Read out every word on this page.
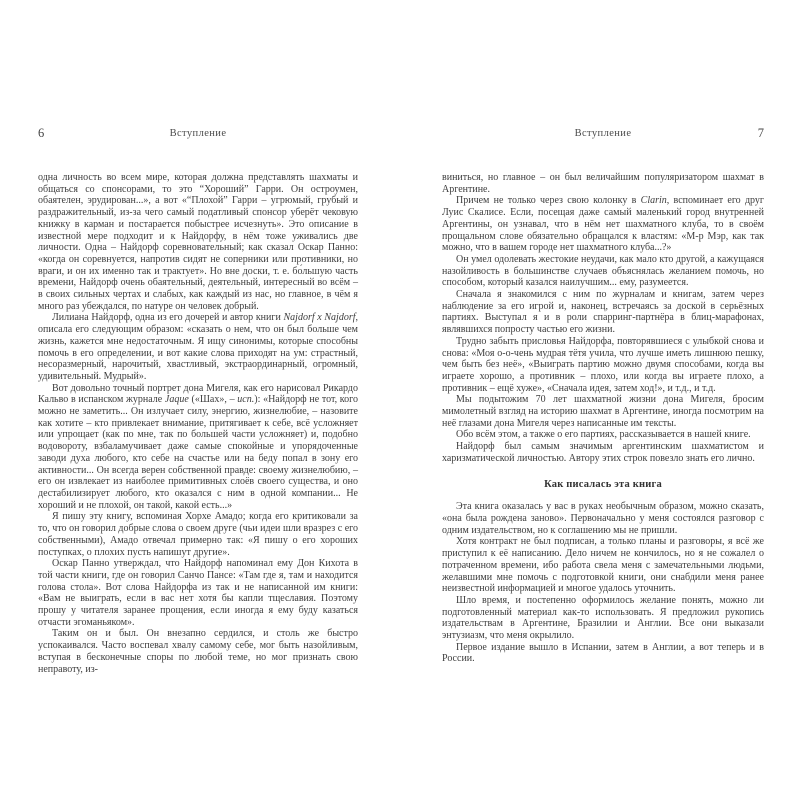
6	Вступление

одна личность во всем мире, которая должна представлять шахматы и общаться со спонсорами, то это “Хороший” Гарри. Он остроумен, обаятелен, эрудирован...», а вот «“Плохой” Гарри – угрюмый, грубый и раздражительный, из-за чего самый податливый спонсор уберёт чековую книжку в карман и постарается побыстрее исчезнуть». Это описание в известной мере подходит и к Найдорфу, в нём тоже уживались две личности. Одна – Найдорф соревновательный; как сказал Оскар Панно: «когда он соревнуется, напротив сидят не соперники или противники, но враги, и он их именно так и трактует». Но вне доски, т. е. бо́льшую часть времени, Найдорф очень обаятельный, деятельный, интересный во всём – в своих сильных чертах и слабых, как каждый из нас, но главное, в чём я много раз убеждался, по натуре он человек добрый.

Лилиана Найдорф, одна из его дочерей и автор книги Najdorf x Najdorf, описала его следующим образом: «сказать о нем, что он был больше чем жизнь, кажется мне недостаточным. Я ищу синонимы, которые способны помочь в его определении, и вот какие слова приходят на ум: страстный, несоразмерный, нарочитый, хвастливый, экстраординарный, огромный, удивительный. Мудрый».

Вот довольно точный портрет дона Мигеля, как его нарисовал Рикардо Кальво в испанском журнале Jaque («Шах», – исп.): «Найдорф не тот, кого можно не заметить... Он излучает силу, энергию, жизнелюбие, – назовите как хотите – кто привлекает внимание, притягивает к себе, всё усложняет или упрощает (как по мне, так по большей части усложняет) и, подобно водовороту, взбаламучивает даже самые спокойные и упорядоченные заводи духа любого, кто себе на счастье или на беду попал в зону его активности... Он всегда верен собственной правде: своему жизнелюбию, – его он извлекает из наиболее примитивных слоёв своего существа, и оно дестабилизирует любого, кто оказался с ним в одной компании... Не хороший и не плохой, он такой, какой есть...»

Я пишу эту книгу, вспоминая Хорхе Амадо; когда его критиковали за то, что он говорил добрые слова о своем друге (чьи идеи шли вразрез с его собственными), Амадо отвечал примерно так: «Я пишу о его хороших поступках, о плохих пусть напишут другие».

Оскар Панно утверждал, что Найдорф напоминал ему Дон Кихота в той части книги, где он говорил Санчо Пансе: «Там где я, там и находится голова стола». Вот слова Найдорфа из так и не написанной им книги: «Вам не выиграть, если в вас нет хотя бы капли тщеславия. Поэтому прошу у читателя заранее прощения, если иногда я ему буду казаться отчасти эгоманьяком».

Таким он и был. Он внезапно сердился, и столь же быстро успокаивался. Часто воспевал хвалу самому себе, мог быть назойливым, вступая в бесконечные споры по любой теме, но мог признать свою неправоту, из-

Вступление	7

виниться, но главное – он был величайшим популяризатором шахмат в Аргентине.

Причем не только через свою колонку в Clarin, вспоминает его друг Луис Скалисе. Если, посещая даже самый маленький город внутренней Аргентины, он узнавал, что в нём нет шахматного клуба, то в своём прощальном слове обязательно обращался к властям: «М-р Мэр, как так можно, что в вашем городе нет шахматного клуба...?»

Он умел одолевать жестокие неудачи, как мало кто другой, а кажущаяся назойливость в большинстве случаев объяснялась желанием помочь, но способом, который казался наилучшим... ему, разумеется.

Сначала я знакомился с ним по журналам и книгам, затем через наблюдение за его игрой и, наконец, встречаясь за доской в серьёзных партиях. Выступал я и в роли спарринг-партнёра в блиц-марафонах, являвшихся попросту частью его жизни.

Трудно забыть присловья Найдорфа, повторявшиеся с улыбкой снова и снова: «Моя о-о-чень мудрая тётя учила, что лучше иметь лишнюю пешку, чем быть без неё», «Выиграть партию можно двумя способами, когда вы играете хорошо, а противник – плохо, или когда вы играете плохо, а противник – ещё хуже», «Сначала идея, затем ход!», и т.д., и т.д.

Мы подытожим 70 лет шахматной жизни дона Мигеля, бросим мимолетный взгляд на историю шахмат в Аргентине, иногда посмотрим на неё глазами дона Мигеля через написанные им тексты.

Обо всём этом, а также о его партиях, рассказывается в нашей книге.

Найдорф был самым значимым аргентинским шахматистом и харизматической личностью. Автору этих строк повезло знать его лично.

Как писалась эта книга

Эта книга оказалась у вас в руках необычным образом, можно сказать, «она была рождена заново». Первоначально у меня состоялся разговор с одним издательством, но к соглашению мы не пришли.

Хотя контракт не был подписан, а только планы и разговоры, я всё же приступил к её написанию. Дело ничем не кончилось, но я не сожалел о потраченном времени, ибо работа свела меня с замечательными людьми, желавшими мне помочь с подготовкой книги, они снабдили меня ранее неизвестной информацией и многое удалось уточнить.

Шло время, и постепенно оформилось желание понять, можно ли подготовленный материал как-то использовать. Я предложил рукопись издательствам в Аргентине, Бразилии и Англии. Все они выказали энтузиазм, что меня окрылило.

Первое издание вышло в Испании, затем в Англии, а вот теперь и в России.
